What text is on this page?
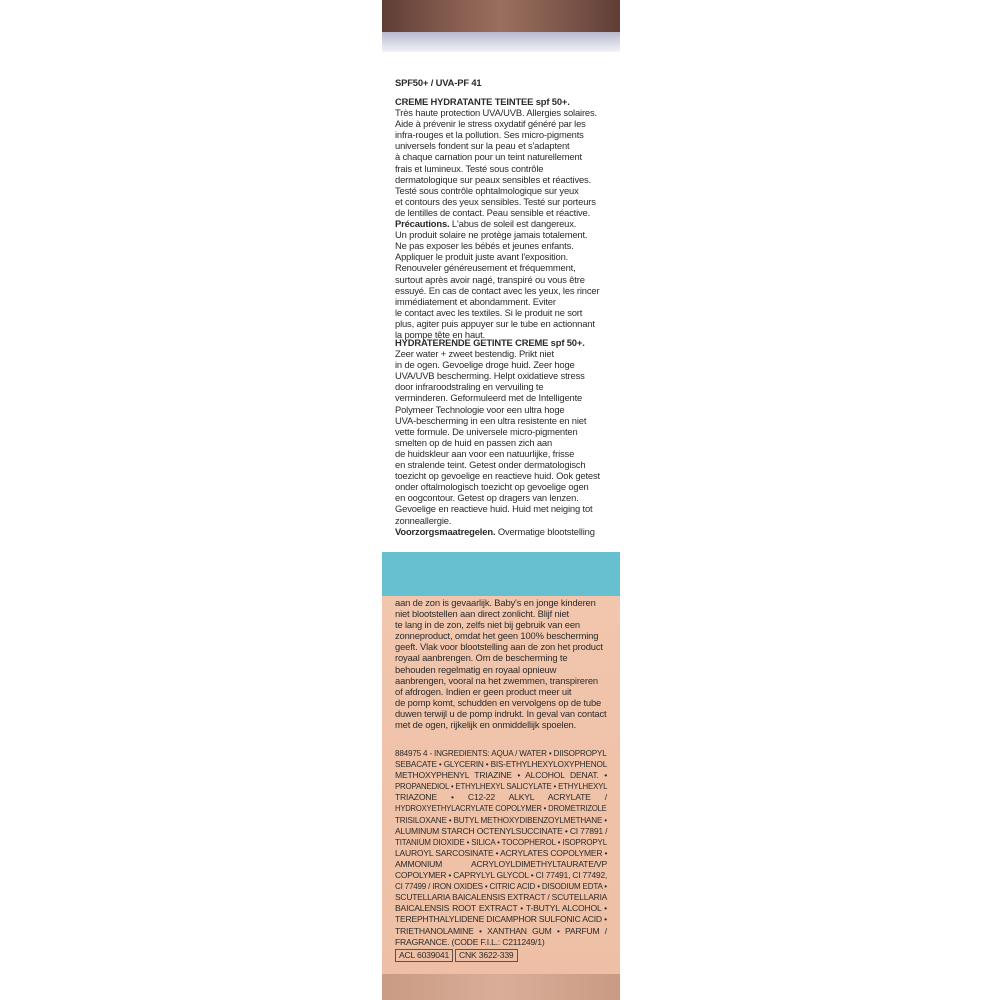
SPF50+ / UVA-PF 41

CREME HYDRATANTE TEINTEE spf 50+.

Très haute protection UVA/UVB. Allergies solaires.

Aide à prévenir le stress oxydatif généré par les

infra-rouges et la pollution. Ses micro-pigments

universels fondent sur la peau et s'adaptent

à chaque carnation pour un teint naturellement

frais et lumineux. Testé sous contrôle

dermatologique sur peaux sensibles et réactives.

Testé sous contrôle ophtalmologique sur yeux

et contours des yeux sensibles. Testé sur porteurs

de lentilles de contact. Peau sensible et réactive.

Précautions. L'abus de soleil est dangereux.

Un produit solaire ne protège jamais totalement.

Ne pas exposer les bébés et jeunes enfants.

Appliquer le produit juste avant l'exposition.

Renouveler généreusement et fréquemment,

surtout après avoir nagé, transpiré ou vous être

essuyé. En cas de contact avec les yeux, les rincer

immédiatement et abondamment. Eviter

le contact avec les textiles. Si le produit ne sort

plus, agiter puis appuyer sur le tube en actionnant

la pompe tête en haut.

HYDRATERENDE GETINTE CREME spf 50+.

Zeer water + zweet bestendig. Prikt niet

in de ogen. Gevoelige droge huid. Zeer hoge

UVA/UVB bescherming. Helpt oxidatieve stress

door infraroodstraling en vervuiling te

verminderen. Geformuleerd met de Intelligente

Polymeer Technologie voor een ultra hoge

UVA-bescherming in een ultra resistente en niet

vette formule. De universele micro-pigmenten

smelten op de huid en passen zich aan

de huidskleur aan voor een natuurlijke, frisse

en stralende teint. Getest onder dermatologisch

toezicht op gevoelige en reactieve huid. Ook getest

onder oftalmologisch toezicht op gevoelige ogen

en oogcontour. Getest op dragers van lenzen.

Gevoelige en reactieve huid. Huid met neiging tot

zonneallergie.

Voorzorgsmaatregelen. Overmatige blootstelling

aan de zon is gevaarlijk. Baby's en jonge kinderen

niet blootstellen aan direct zonlicht. Blijf niet

te lang in de zon, zelfs niet bij gebruik van een

zonneproduct, omdat het geen 100% bescherming

geeft. Vlak voor blootstelling aan de zon het product

royaal aanbrengen. Om de bescherming te

behouden regelmatig en royaal opnieuw

aanbrengen, vooral na het zwemmen, transpireren

of afdrogen. Indien er geen product meer uit

de pomp komt, schudden en vervolgens op de tube

duwen terwijl u de pomp indrukt. In geval van contact

met de ogen, rijkelijk en onmiddellijk spoelen.

884975 4 - INGREDIENTS: AQUA / WATER • DIISOPROPYL

SEBACATE • GLYCERIN • BIS-ETHYLHEXYLOXYPHENOL

METHOXYPHENYL TRIAZINE • ALCOHOL DENAT. •

PROPANEDIOL • ETHYLHEXYL SALICYLATE • ETHYLHEXYL

TRIAZONE • C12-22 ALKYL ACRYLATE /

HYDROXYETHYLACRYLATE COPOLYMER • DROMETRIZOLE

TRISILOXANE • BUTYL METHOXYDIBENZOYLMETHANE •

ALUMINUM STARCH OCTENYLSUCCINATE • CI 77891 /

TITANIUM DIOXIDE • SILICA • TOCOPHEROL • ISOPROPYL

LAUROYL SARCOSINATE • ACRYLATES COPOLYMER •

AMMONIUM ACRYLOYLDIMETHYLTAURATE/VP

COPOLYMER • CAPRYLYL GLYCOL • CI 77491, CI 77492,

CI 77499 / IRON OXIDES • CITRIC ACID • DISODIUM EDTA •

SCUTELLARIA BAICALENSIS EXTRACT / SCUTELLARIA

BAICALENSIS ROOT EXTRACT • T-BUTYL ALCOHOL •

TEREPHTHALYLIDENE DICAMPHOR SULFONIC ACID •

TRIETHANOLAMINE • XANTHAN GUM • PARFUM /

FRAGRANCE. (CODE F.I.L.: C211249/1)

ACL 6039041	CNK 3622-339
